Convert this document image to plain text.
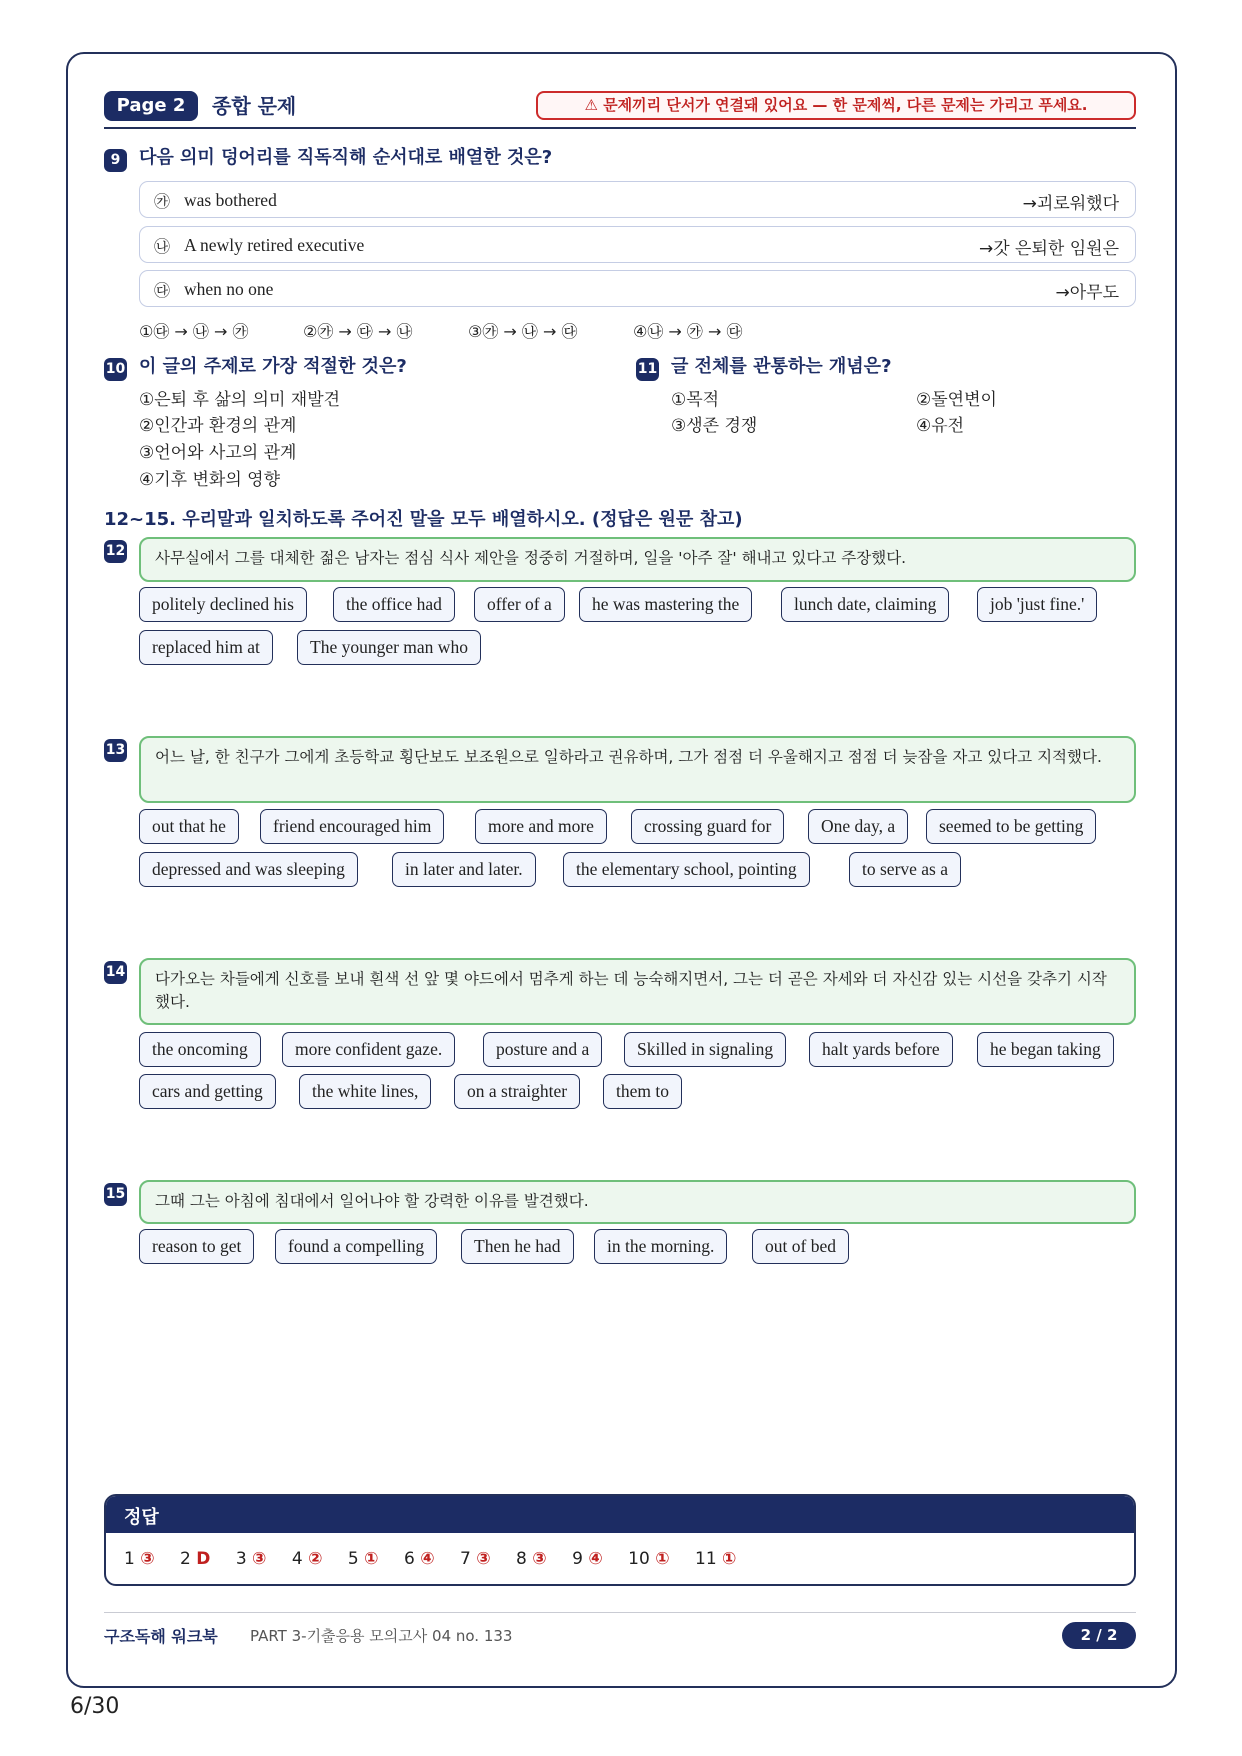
Page 2	종합 문제	⚠ 문제끼리 단서가 연결돼 있어요 — 한 문제씩, 다른 문제는 가리고 푸세요.
9	다음 의미 덩어리를 직독직해 순서대로 배열한 것은?
㉮ was bothered	→괴로워했다
㉯ A newly retired executive	→갓 은퇴한 임원은
㉰ when no one	→아무도
①㉰ → ㉯ → ㉮	②㉮ → ㉰ → ㉯	③㉮ → ㉯ → ㉰	④㉯ → ㉮ → ㉰
10 이 글의 주제로 가장 적절한 것은?
①은퇴 후 삶의 의미 재발견
②인간과 환경의 관계
③언어와 사고의 관계
④기후 변화의 영향
11 글 전체를 관통하는 개념은?
①목적	②돌연변이
③생존 경쟁	④유전
12~15. 우리말과 일치하도록 주어진 말을 모두 배열하시오. (정답은 원문 참고)
12	사무실에서 그를 대체한 젊은 남자는 점심 식사 제안을 정중히 거절하며, 일을 '아주 잘' 해내고 있다고 주장했다.
politely declined his	the office had	offer of a	he was mastering the	lunch date, claiming	job 'just fine.'
replaced him at	The younger man who
13	어느 날, 한 친구가 그에게 초등학교 횡단보도 보조원으로 일하라고 권유하며, 그가 점점 더 우울해지고 점점 더 늦잠을 자고 있다고 지적했다.
out that he	friend encouraged him	more and more	crossing guard for	One day, a	seemed to be getting
depressed and was sleeping	in later and later.	the elementary school, pointing	to serve as a
14	다가오는 차들에게 신호를 보내 흰색 선 앞 몇 야드에서 멈추게 하는 데 능숙해지면서, 그는 더 곧은 자세와 더 자신감 있는 시선을 갖추기 시작했다.
the oncoming	more confident gaze.	posture and a	Skilled in signaling	halt yards before	he began taking
cars and getting	the white lines,	on a straighter	them to
15	그때 그는 아침에 침대에서 일어나야 할 강력한 이유를 발견했다.
reason to get	found a compelling	Then he had	in the morning.	out of bed
정답
1 ③ 2 D 3 ③ 4 ② 5 ① 6 ④ 7 ③ 8 ③ 9 ④ 10 ① 11 ①
구조독해 워크북 PART 3-기출응용 모의고사 04 no. 133	2 / 2
6/30
